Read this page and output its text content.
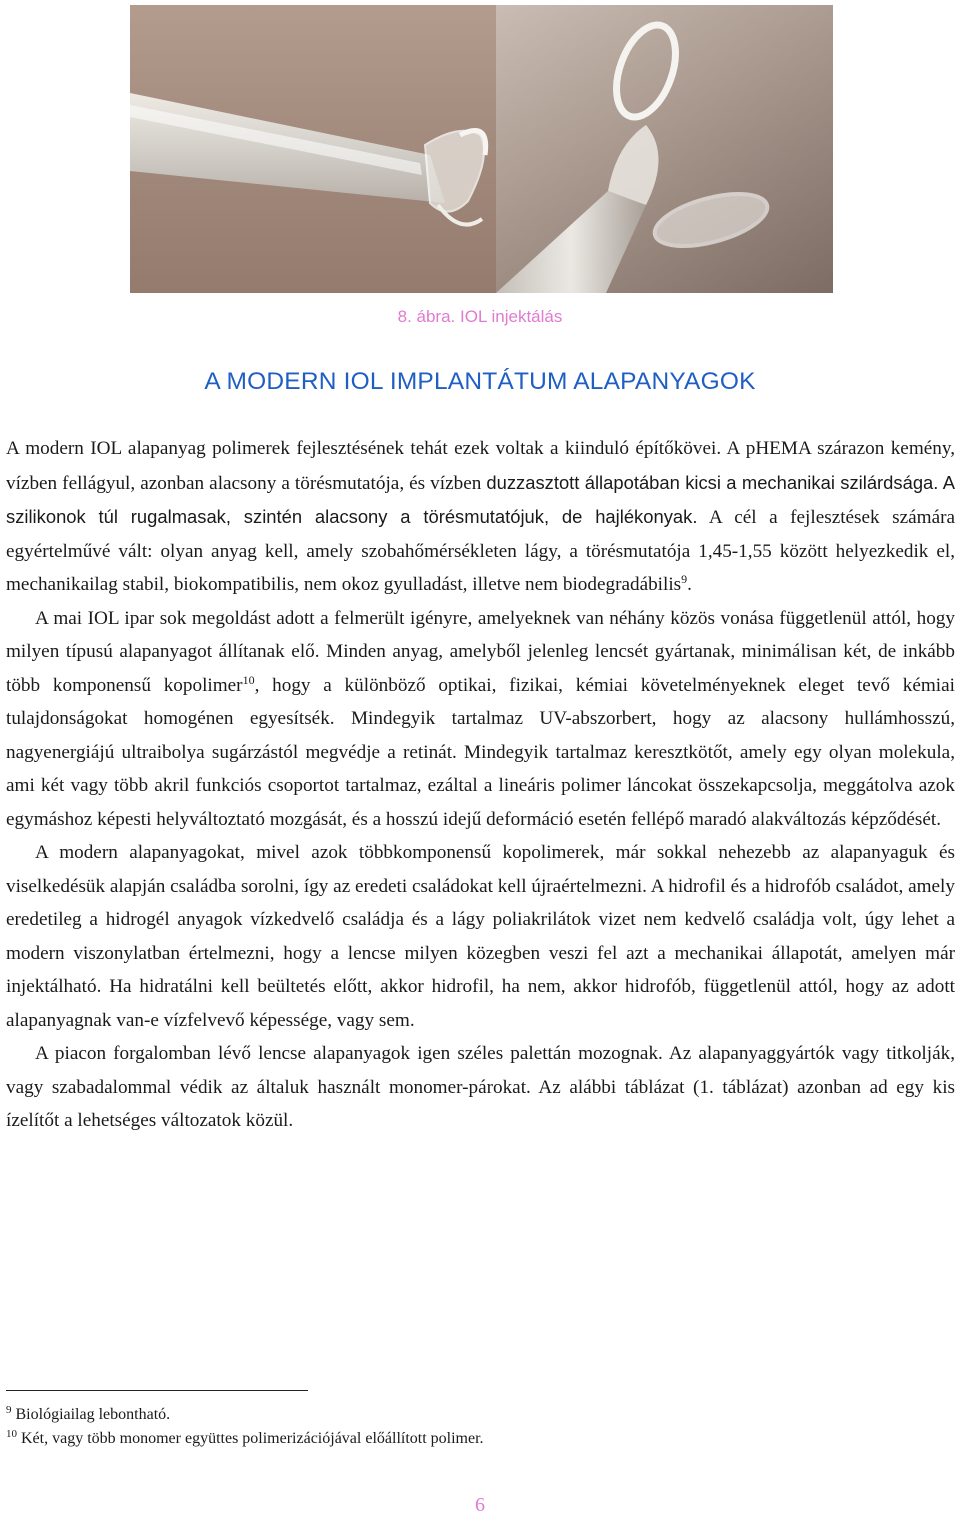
8. ábra. IOL injektálás
A MODERN IOL IMPLANTÁTUM ALAPANYAGOK

A modern IOL alapanyag polimerek fejlesztésének tehát ezek voltak a kiinduló építőkövei. A pHEMA szárazon kemény, vízben fellágyul, azonban alacsony a törésmutatója, és vízben duzzasztott állapotában kicsi a mechanikai szilárdsága. A szilikonok túl rugalmasak, szintén alacsony a törésmutatójuk, de hajlékonyak. A cél a fejlesztések számára egyértelművé vált: olyan anyag kell, amely szobahőmérsékleten lágy, a törésmutatója 1,45-1,55 között helyezkedik el, mechanikailag stabil, biokompatibilis, nem okoz gyulladást, illetve nem biodegradábilis$^9$.

A mai IOL ipar sok megoldást adott a felmerült igényre, amelyeknek van néhány közös vonása függetlenül attól, hogy milyen típusú alapanyagot állítanak elő. Minden anyag, amelyből jelenleg lencsét gyártanak, minimálisan két, de inkább több komponensű kopolimer$^{10}$, hogy a különböző optikai, fizikai, kémiai követelményeknek eleget tevő kémiai tulajdonságokat homogénen egyesítsék. Mindegyik tartalmaz UV-abszorbert, hogy az alacsony hullámhosszú, nagyenergiájú ultraibolya sugárzástól megvédje a retinát. Mindegyik tartalmaz keresztkötőt, amely egy olyan molekula, ami két vagy több akril funkciós csoportot tartalmaz, ezáltal a lineáris polimer láncokat összekapcsolja, meggátolva azok egymáshoz képesti helyváltoztató mozgását, és a hosszú idejű deformáció esetén fellépő maradó alakváltozás képződését.

A modern alapanyagokat, mivel azok többkomponensű kopolimerek, már sokkal nehezebb az alapanyaguk és viselkedésük alapján családba sorolni, így az eredeti családokat kell újraértelmezni. A hidrofil és a hidrofób családot, amely eredetileg a hidrogél anyagok vízkedvelő családja és a lágy poliakrilátok vizet nem kedvelő családja volt, úgy lehet a modern viszonylatban értelmezni, hogy a lencse milyen közegben veszi fel azt a mechanikai állapotát, amelyen már injektálható. Ha hidratálni kell beültetés előtt, akkor hidrofil, ha nem, akkor hidrofób, függetlenül attól, hogy az adott alapanyagnak van-e vízfelvevő képessége, vagy sem.

A piacon forgalomban lévő lencse alapanyagok igen széles palettán mozognak. Az alapanyaggyártók vagy titkolják, vagy szabadalommal védik az általuk használt monomer-párokat. Az alábbi táblázat (1. táblázat) azonban ad egy kis ízelítőt a lehetséges változatok közül.

$^9$ Biológiailag lebontható.
$^{10}$ Két, vagy több monomer együttes polimerizációjával előállított polimer.
6
